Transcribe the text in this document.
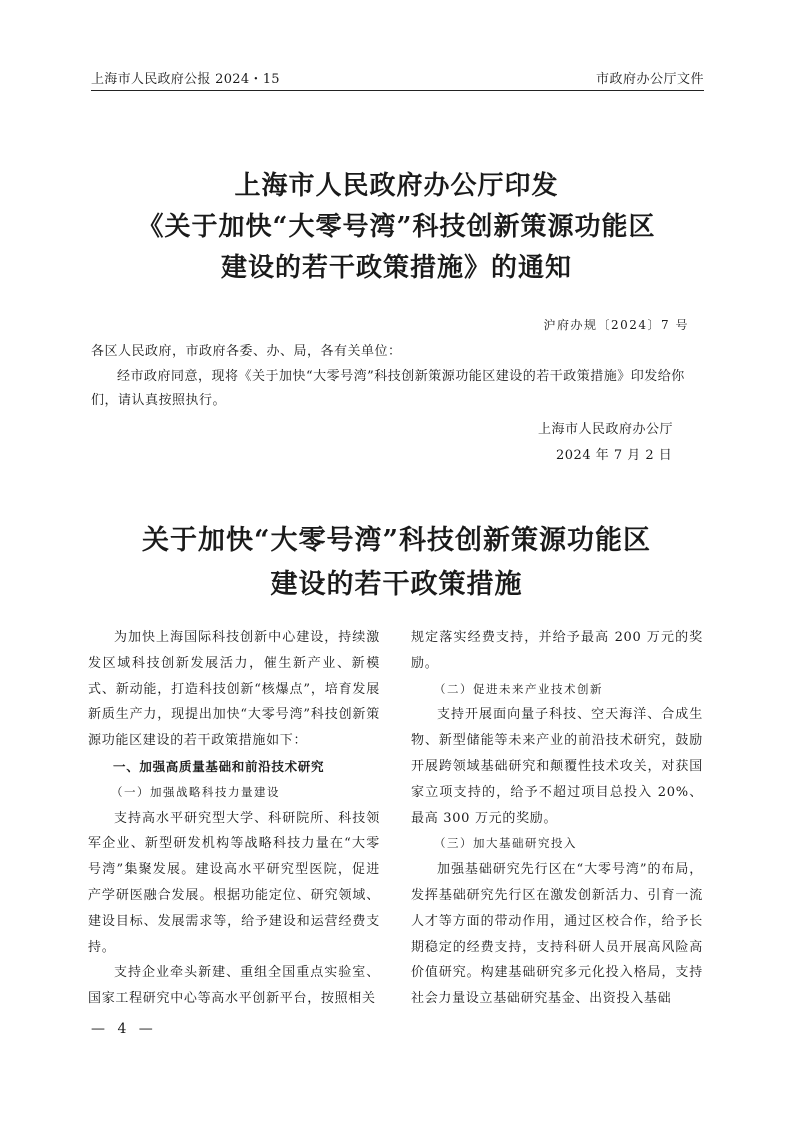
上海市人民政府公报 2024・15	市政府办公厅文件
上海市人民政府办公厅印发
《关于加快“大零号湾”科技创新策源功能区
建设的若干政策措施》的通知
沪府办规〔2024〕7 号
各区人民政府，市政府各委、办、局，各有关单位：
经市政府同意，现将《关于加快“大零号湾”科技创新策源功能区建设的若干政策措施》印发给你们，请认真按照执行。
上海市人民政府办公厅
2024 年 7 月 2 日
关于加快“大零号湾”科技创新策源功能区
建设的若干政策措施

为加快上海国际科技创新中心建设，持续激发区域科技创新发展活力，催生新产业、新模式、新动能，打造科技创新“核爆点”，培育发展新质生产力，现提出加快“大零号湾”科技创新策源功能区建设的若干政策措施如下：

一、加强高质量基础和前沿技术研究

（一）加强战略科技力量建设

支持高水平研究型大学、科研院所、科技领军企业、新型研发机构等战略科技力量在“大零号湾”集聚发展。建设高水平研究型医院，促进产学研医融合发展。根据功能定位、研究领域、建设目标、发展需求等，给予建设和运营经费支持。

支持企业牵头新建、重组全国重点实验室、国家工程研究中心等高水平创新平台，按照相关

规定落实经费支持，并给予最高 200 万元的奖励。

（二）促进未来产业技术创新

支持开展面向量子科技、空天海洋、合成生物、新型储能等未来产业的前沿技术研究，鼓励开展跨领域基础研究和颠覆性技术攻关，对获国家立项支持的，给予不超过项目总投入 20%、最高 300 万元的奖励。

（三）加大基础研究投入

加强基础研究先行区在“大零号湾”的布局，发挥基础研究先行区在激发创新活力、引育一流人才等方面的带动作用，通过区校合作，给予长期稳定的经费支持，支持科研人员开展高风险高价值研究。构建基础研究多元化投入格局，支持社会力量设立基础研究基金、出资投入基础

— 4 —
